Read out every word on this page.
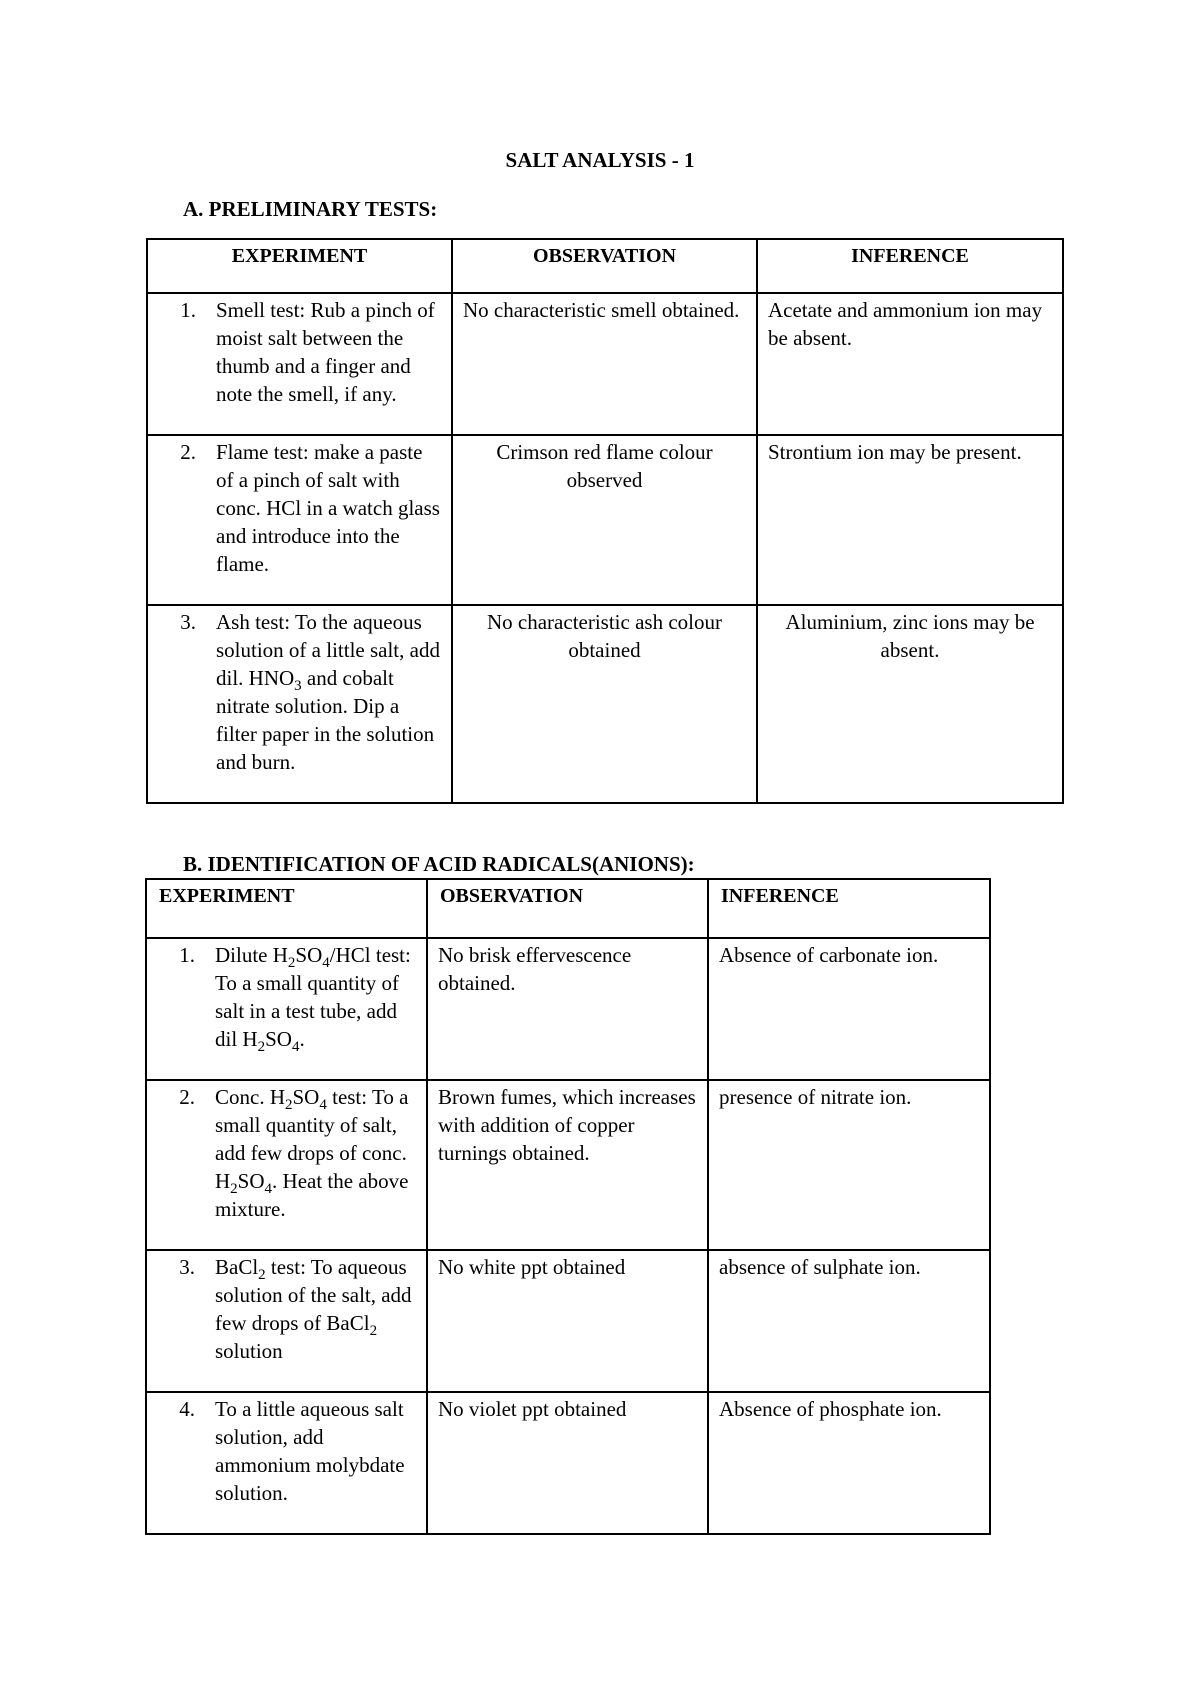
SALT ANALYSIS - 1
A. PRELIMINARY TESTS:
EXPERIMENT	OBSERVATION	INFERENCE

1. Smell test: Rub a pinch of moist salt between the thumb and a finger and note the smell, if any.	No characteristic smell obtained.	Acetate and ammonium ion may be absent.

2. Flame test: make a paste of a pinch of salt with conc. HCl in a watch glass and introduce into the flame.	Crimson red flame colour observed	Strontium ion may be present.

3. Ash test: To the aqueous solution of a little salt, add dil. $HNO_3$ and cobalt nitrate solution. Dip a filter paper in the solution and burn.	No characteristic ash colour obtained	Aluminium, zinc ions may be absent.
B. IDENTIFICATION OF ACID RADICALS(ANIONS):
EXPERIMENT	OBSERVATION	INFERENCE

1. Dilute $H_2SO_4$/HCl test: To a small quantity of salt in a test tube, add dil $H_2SO_4$.	No brisk effervescence obtained.	Absence of carbonate ion.

2. Conc. $H_2SO_4$ test: To a small quantity of salt, add few drops of conc. $H_2SO_4$. Heat the above mixture.	Brown fumes, which increases with addition of copper turnings obtained.	presence of nitrate ion.

3. BaCl$_2$ test: To aqueous solution of the salt, add few drops of BaCl$_2$ solution	No white ppt obtained	absence of sulphate ion.

4. To a little aqueous salt solution, add ammonium molybdate solution.	No violet ppt obtained	Absence of phosphate ion.
